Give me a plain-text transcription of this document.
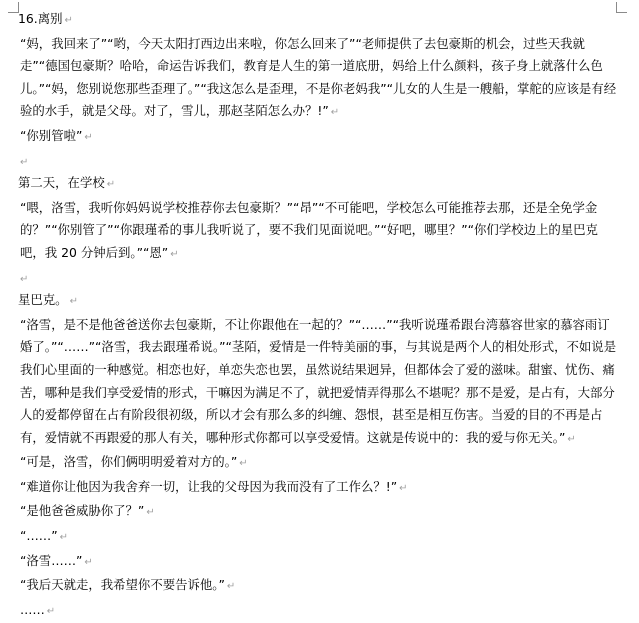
16.离别 ↵

“妈，我回来了”“哟，今天太阳打西边出来啦，你怎么回来了”“老师提供了去包豪斯的机会，过些天我就走”“德国包豪斯？哈哈，命运告诉我们，教育是人生的第一道底册，妈给上什么颜料，孩子身上就落什么色儿。”“妈，您别说您那些歪理了。”“我这怎么是歪理，不是你老妈我”“儿女的人生是一艘船，掌舵的应该是有经验的水手，就是父母。对了，雪儿，那赵茎陌怎么办？!” ↵

“你别管啦” ↵

↵

第二天，在学校 ↵

“喂，洛雪，我听你妈妈说学校推荐你去包豪斯？”“昂”“不可能吧，学校怎么可能推荐去那，还是全免学金的？”“你别管了”“你跟瑾希的事儿我听说了，要不我们见面说吧。”“好吧，哪里？”“你们学校边上的星巴克吧，我 20 分钟后到。”“恩” ↵

↵

星巴克。 ↵

“洛雪，是不是他爸爸送你去包豪斯，不让你跟他在一起的？”“……”“我听说瑾希跟台湾慕容世家的慕容雨订婚了。”“……”“洛雪，我去跟瑾希说。”“茎陌，爱情是一件特美丽的事，与其说是两个人的相处形式，不如说是我们心里面的一种感觉。相恋也好，单恋失恋也罢，虽然说结果迥异，但都体会了爱的滋味。甜蜜、忧伤、痛苦，哪种是我们享受爱情的形式，干嘛因为满足不了，就把爱情弄得那么不堪呢？那不是爱，是占有，大部分人的爱都停留在占有阶段很初级，所以才会有那么多的纠缠、怨恨，甚至是相互伤害。当爱的目的不再是占有，爱情就不再跟爱的那人有关，哪种形式你都可以享受爱情。这就是传说中的：我的爱与你无关。” ↵

“可是，洛雪，你们俩明明爱着对方的。” ↵

“难道你让他因为我舍弃一切，让我的父母因为我而没有了工作么？!” ↵

“是他爸爸威胁你了？” ↵

“……” ↵

“洛雪……” ↵

“我后天就走，我希望你不要告诉他。” ↵

…… ↵
